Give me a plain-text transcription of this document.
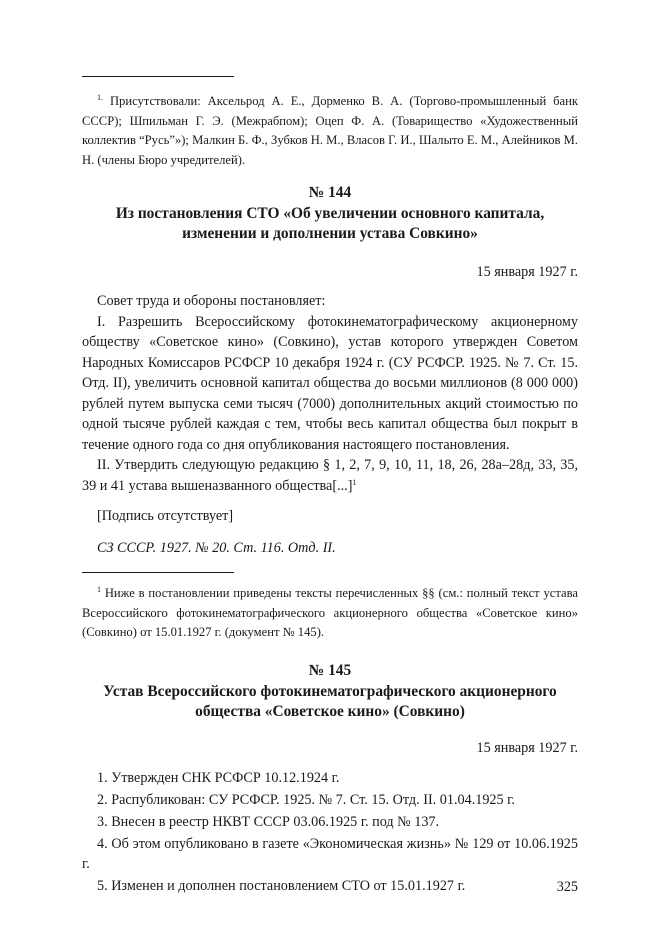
$^{1.}$ Присутствовали: Аксельрод А. Е., Дорменко В. А. (Торгово-промышленный банк СССР); Шпильман Г. Э. (Межрабпом); Оцеп Ф. А. (Товарищество «Художественный коллектив “Русь”»); Малкин Б. Ф., Зубков Н. М., Власов Г. И., Шалыто Е. М., Алейников М. Н. (члены Бюро учредителей).
№ 144
Из постановления СТО «Об увеличении основного капитала,
изменении и дополнении устава Совкино»
15 января 1927 г.

Совет труда и обороны постановляет:

I. Разрешить Всероссийскому фотокинематографическому акционерному обществу «Советское кино» (Совкино), устав которого утвержден Советом Народных Комиссаров РСФСР 10 декабря 1924 г. (СУ РСФСР. 1925. № 7. Ст. 15. Отд. II), увеличить основной капитал общества до восьми миллионов (8 000 000) рублей путем выпуска семи тысяч (7000) дополнительных акций стоимостью по одной тысяче рублей каждая с тем, чтобы весь капитал общества был покрыт в течение одного года со дня опубликования настоящего постановления.

II. Утвердить следующую редакцию § 1, 2, 7, 9, 10, 11, 18, 26, 28а–28д, 33, 35, 39 и 41 устава вышеназванного общества[...]$^1$

[Подпись отсутствует]

СЗ СССР. 1927. № 20. Ст. 116. Отд. II.

$^1$ Ниже в постановлении приведены тексты перечисленных §§ (см.: полный текст устава Всероссийского фотокинематографического акционерного общества «Советское кино» (Совкино) от 15.01.1927 г. (документ № 145).
№ 145
Устав Всероссийского фотокинематографического акционерного
общества «Советское кино» (Совкино)
15 января 1927 г.

1. Утвержден СНК РСФСР 10.12.1924 г.

2. Распубликован: СУ РСФСР. 1925. № 7. Ст. 15. Отд. II. 01.04.1925 г.

3. Внесен в реестр НКВТ СССР 03.06.1925 г. под № 137.

4. Об этом опубликовано в газете «Экономическая жизнь» № 129 от 10.06.1925 г.

5. Изменен и дополнен постановлением СТО от 15.01.1927 г.	325
